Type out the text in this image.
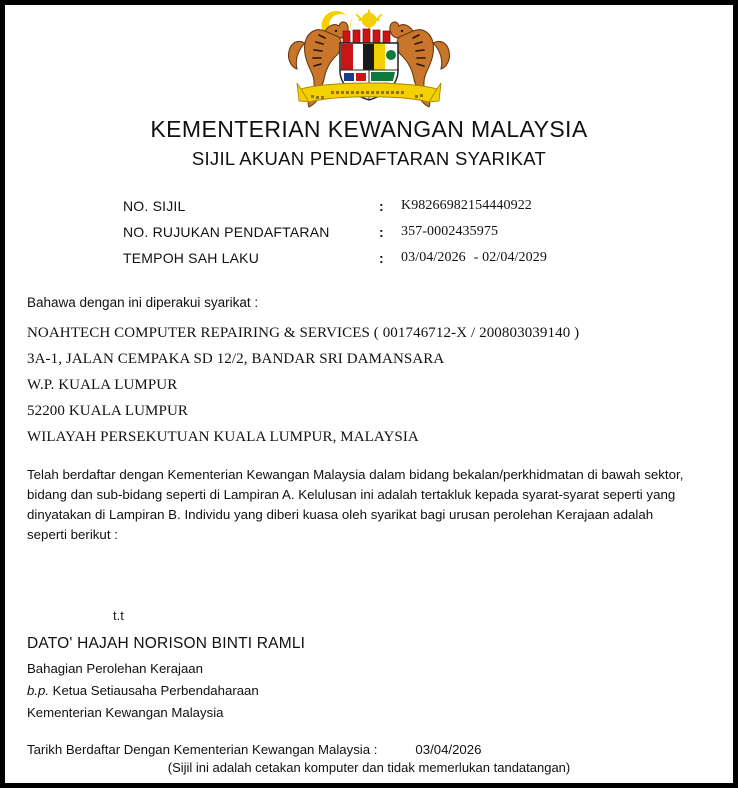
KEMENTERIAN KEWANGAN MALAYSIA
SIJIL AKUAN PENDAFTARAN SYARIKAT
NO. SIJIL	:	K98266982154440922
NO. RUJUKAN PENDAFTARAN	:	357-0002435975
TEMPOH SAH LAKU	:	03/04/2026 - 02/04/2029
Bahawa dengan ini diperakui syarikat :
NOAHTECH COMPUTER REPAIRING & SERVICES ( 001746712-X / 200803039140 )
3A-1, JALAN CEMPAKA SD 12/2, BANDAR SRI DAMANSARA
W.P. KUALA LUMPUR
52200 KUALA LUMPUR
WILAYAH PERSEKUTUAN KUALA LUMPUR, MALAYSIA
Telah berdaftar dengan Kementerian Kewangan Malaysia dalam bidang bekalan/perkhidmatan di bawah sektor, bidang dan sub-bidang seperti di Lampiran A. Kelulusan ini adalah tertakluk kepada syarat-syarat seperti yang dinyatakan di Lampiran B. Individu yang diberi kuasa oleh syarikat bagi urusan perolehan Kerajaan adalah seperti berikut :
t.t
DATO' HAJAH NORISON BINTI RAMLI
Bahagian Perolehan Kerajaan
b.p. Ketua Setiausaha Perbendaharaan
Kementerian Kewangan Malaysia
Tarikh Berdaftar Dengan Kementerian Kewangan Malaysia :	03/04/2026
(Sijil ini adalah cetakan komputer dan tidak memerlukan tandatangan)
